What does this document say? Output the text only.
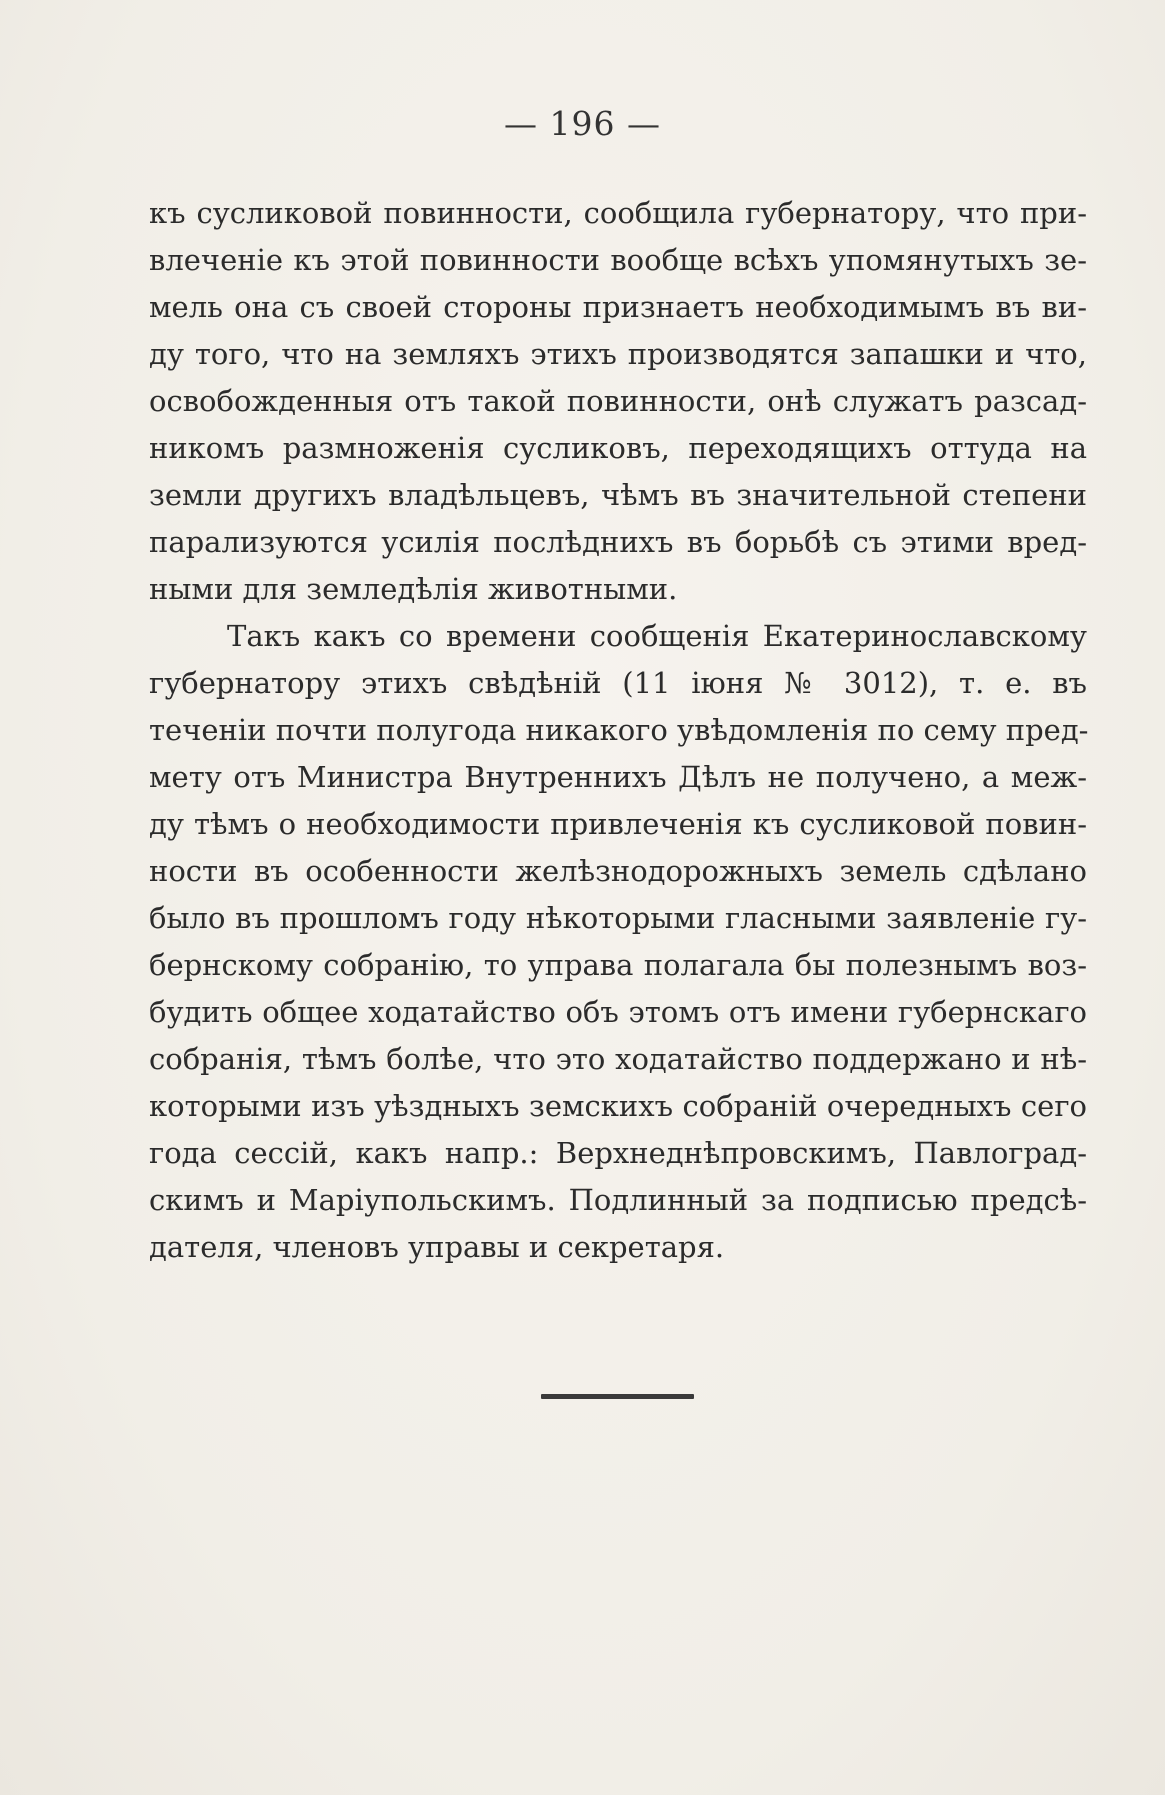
— 196 —
къ сусликовой повинности, сообщила губернатору, что при-
влеченіе къ этой повинности вообще всѣхъ упомянутыхъ зе-
мель она съ своей стороны признаетъ необходимымъ въ ви-
ду того, что на земляхъ этихъ производятся запашки и что,
освобожденныя отъ такой повинности, онѣ служатъ разсад-
никомъ размноженія сусликовъ, переходящихъ оттуда на
земли другихъ владѣльцевъ, чѣмъ въ значительной степени
парализуются усилія послѣднихъ въ борьбѣ съ этими вред-
ными для земледѣлія животными.
Такъ какъ со времени сообщенія Екатеринославскому
губернатору этихъ свѣдѣній (11 іюня № 3012), т. е. въ
теченіи почти полугода никакого увѣдомленія по сему пред-
мету отъ Министра Внутреннихъ Дѣлъ не получено, а меж-
ду тѣмъ о необходимости привлеченія къ сусликовой повин-
ности въ особенности желѣзнодорожныхъ земель сдѣлано
было въ прошломъ году нѣкоторыми гласными заявленіе гу-
бернскому собранію, то управа полагала бы полезнымъ воз-
будить общее ходатайство объ этомъ отъ имени губернскаго
собранія, тѣмъ болѣе, что это ходатайство поддержано и нѣ-
которыми изъ уѣздныхъ земскихъ собраній очередныхъ сего
года сессій, какъ напр.: Верхнеднѣпровскимъ, Павлоград-
скимъ и Маріупольскимъ. Подлинный за подписью предсѣ-
дателя, членовъ управы и секретаря.
